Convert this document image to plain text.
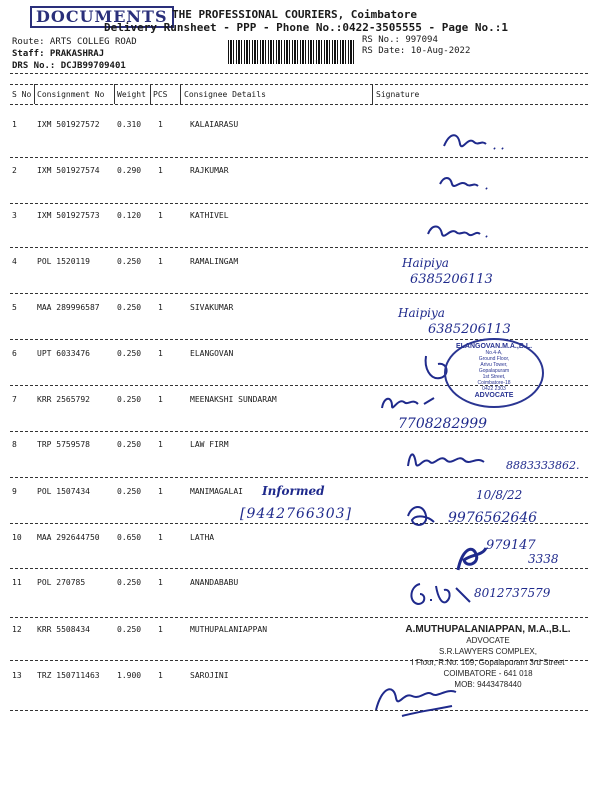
DOCUMENTS THE PROFESSIONAL COURIERS, Coimbatore
Delivery Runsheet - PPP - Phone No.:0422-3505555 - Page No.:1
Route: ARTS COLLEG ROAD
Staff: PRAKASHRAJ
DRS No.: DCJB99709401
RS No.: 997094
RS Date: 10-Aug-2022
S No Consignment No Weight PCS Consignee Details	Signature
1	IXM 501927572 0.310 1	KALAIARASU
2	IXM 501927574 0.290 1	RAJKUMAR
3	IXM 501927573 0.120 1	KATHIVEL
4	POL 1520119	0.250 1	RAMALINGAM
5	MAA 289996587 0.250 1	SIVAKUMAR
6	UPT 6033476	0.250 1	ELANGOVAN
7	KRR 2565792	0.250 1	MEENAKSHI SUNDARAM
8	TRP 5759578	0.250 1	LAW FIRM
9	POL 1507434	0.250 1	MANIMAGALAI
10 MAA 292644750 0.650 1	LATHA
11 POL 270785	0.250 1	ANANDABABU
12 KRR 5508434	0.250 1	MUTHUPALANIAPPAN
13 TRZ 150711463 1.900 1	SAROJINI
Haipiya
6385206113
Haipiya
6385206113
ELANGOVAN.M.A.,B.L.
No.4-A,
Ground Floor,
Arivu Tower,
Gopalapuram
1st Street,
Coimbatore-18
0422 2303
ADVOCATE
7708282999
8883333862.
Informed
[9442766303]
10/8/22
9976562646
979147
3338
8012737579
A.MUTHUPALANIAPPAN, M.A.,B.L.
ADVOCATE
S.R.LAWYERS COMPLEX,
I Floor, R.No. 109, Gopalapuram 3rd Street
COIMBATORE - 641 018
MOB: 9443478440
